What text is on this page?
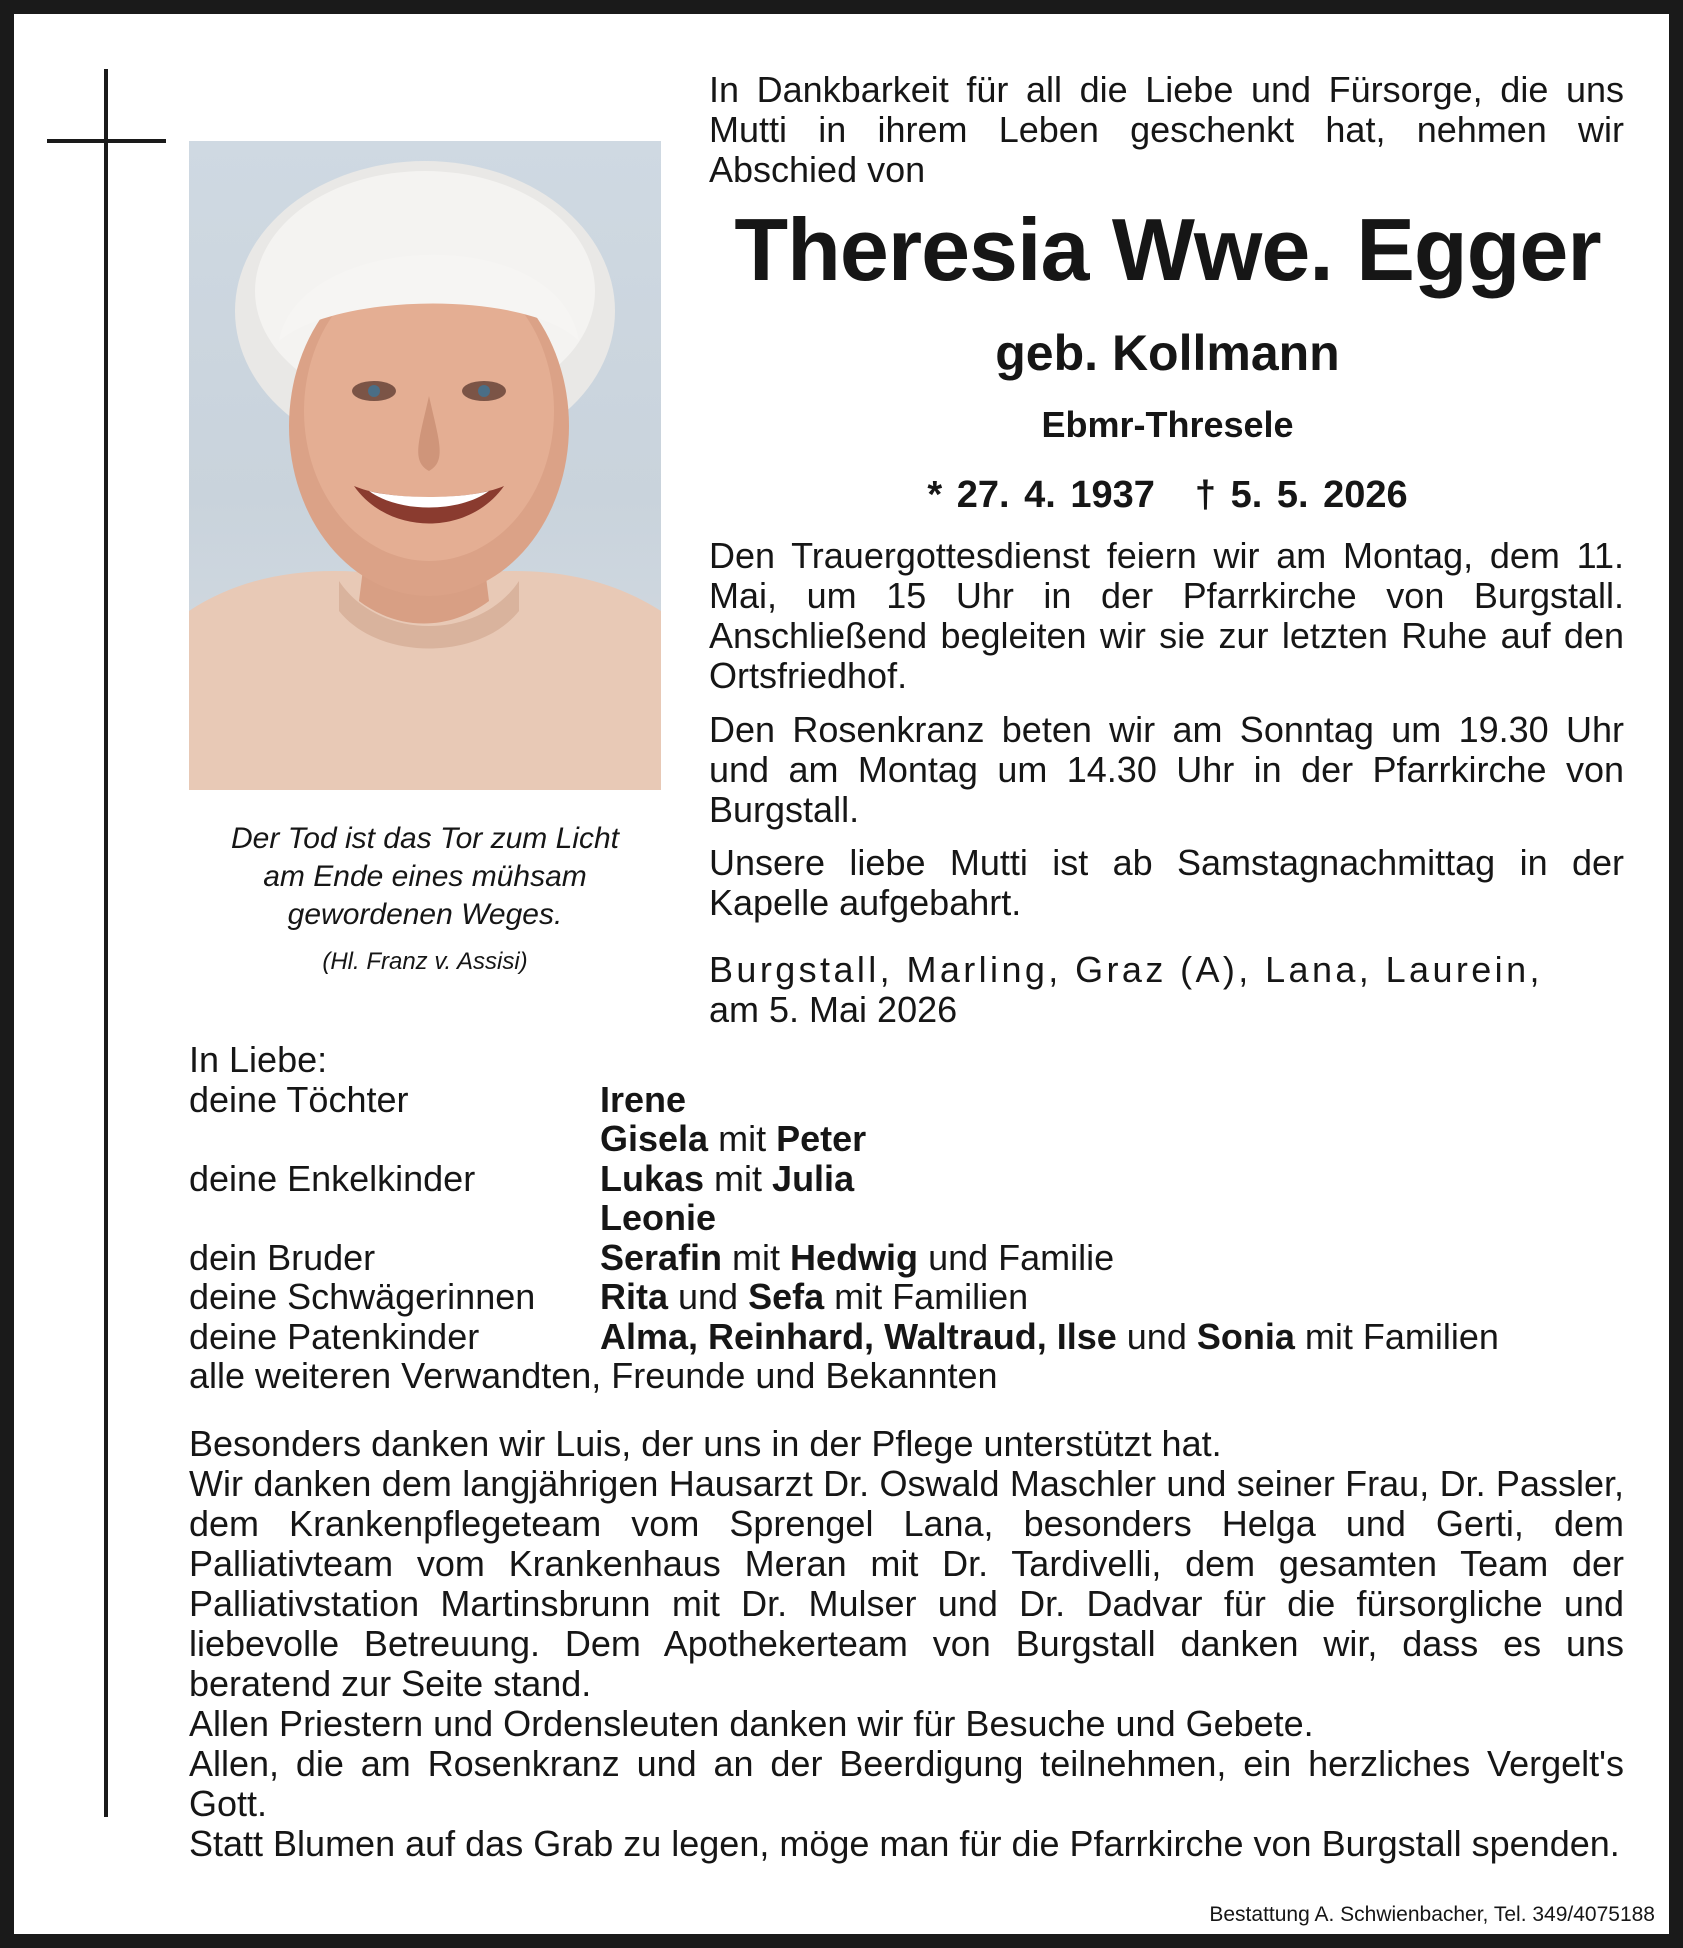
Der Tod ist das Tor zum Licht
am Ende eines mühsam
gewordenen Weges.
(Hl. Franz v. Assisi)
In Dankbarkeit für all die Liebe und Fürsorge, die uns Mutti in ihrem Leben geschenkt hat, nehmen wir Abschied von
Theresia Wwe. Egger
geb. Kollmann
Ebmr-Thresele
* 27. 4. 1937 † 5. 5. 2026
Den Trauergottesdienst feiern wir am Montag, dem 11. Mai, um 15 Uhr in der Pfarrkirche von Burgstall. Anschließend begleiten wir sie zur letzten Ruhe auf den Ortsfriedhof.
Den Rosenkranz beten wir am Sonntag um 19.30 Uhr und am Montag um 14.30 Uhr in der Pfarrkirche von Burgstall.
Unsere liebe Mutti ist ab Samstagnachmittag in der Kapelle aufgebahrt.
Burgstall, Marling, Graz (A), Lana, Laurein,
am 5. Mai 2026
In Liebe:
deine Töchter	Irene
Gisela mit Peter
deine Enkelkinder	Lukas mit Julia
Leonie
dein Bruder	Serafin mit Hedwig und Familie
deine Schwägerinnen	Rita und Sefa mit Familien
deine Patenkinder	Alma, Reinhard, Waltraud, Ilse und Sonia mit Familien
alle weiteren Verwandten, Freunde und Bekannten

Besonders danken wir Luis, der uns in der Pflege unterstützt hat.

Wir danken dem langjährigen Hausarzt Dr. Oswald Maschler und seiner Frau, Dr. Passler, dem Krankenpflegeteam vom Sprengel Lana, besonders Helga und Gerti, dem Palliativteam vom Krankenhaus Meran mit Dr. Tardivelli, dem gesamten Team der Palliativstation Martinsbrunn mit Dr. Mulser und Dr. Dadvar für die fürsorgliche und liebevolle Betreuung. Dem Apothekerteam von Burgstall danken wir, dass es uns beratend zur Seite stand.

Allen Priestern und Ordensleuten danken wir für Besuche und Gebete.

Allen, die am Rosenkranz und an der Beerdigung teilnehmen, ein herzliches Vergelt's Gott.

Statt Blumen auf das Grab zu legen, möge man für die Pfarrkirche von Burgstall spenden.

Bestattung A. Schwienbacher, Tel. 349/4075188
